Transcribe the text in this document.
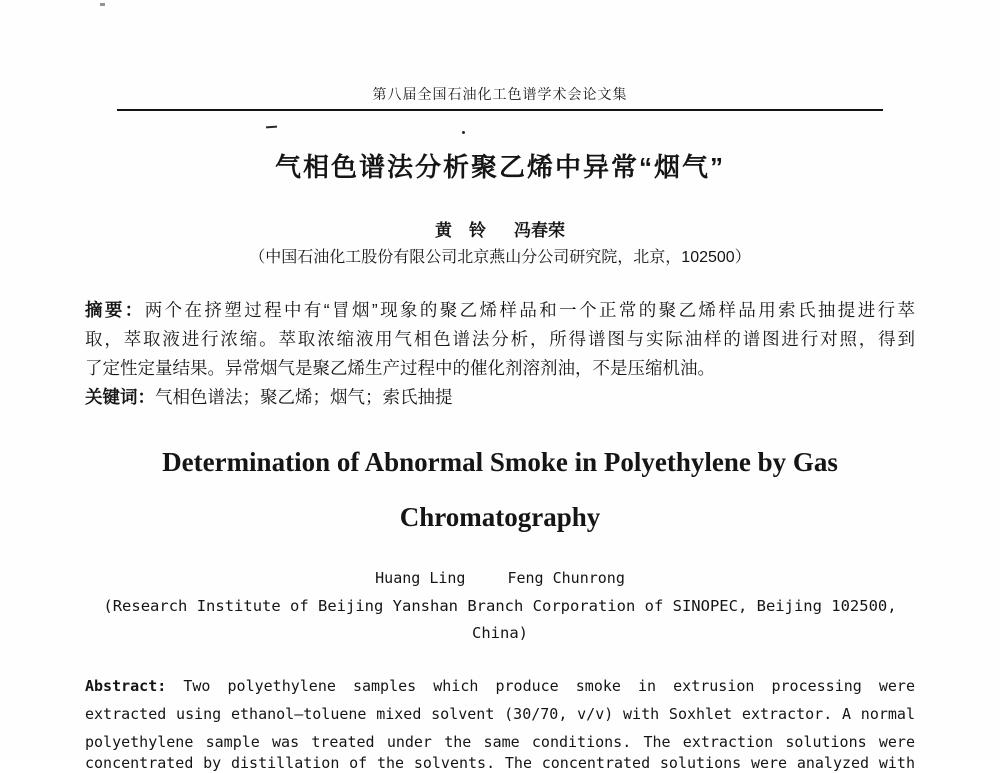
第八届全国石油化工色谱学术会论文集
气相色谱法分析聚乙烯中异常“烟气”
黄　铃 冯春荣
（中国石油化工股份有限公司北京燕山分公司研究院，北京，102500）
摘要：两个在挤塑过程中有“冒烟”现象的聚乙烯样品和一个正常的聚乙烯样品用索氏抽提进行萃
取，萃取液进行浓缩。萃取浓缩液用气相色谱法分析，所得谱图与实际油样的谱图进行对照，得到
了定性定量结果。异常烟气是聚乙烯生产过程中的催化剂溶剂油，不是压缩机油。
关键词：气相色谱法；聚乙烯；烟气；索氏抽提
Determination of Abnormal Smoke in Polyethylene by Gas
Chromatography
Huang Ling	Feng Chunrong
(Research Institute of Beijing Yanshan Branch Corporation of SINOPEC, Beijing 102500,
China)
Abstract: Two polyethylene samples which produce smoke in extrusion processing were
extracted using ethanol—toluene mixed solvent (30/70, v/v) with Soxhlet extractor. A normal
polyethylene sample was treated under the same conditions. The extraction solutions were
concentrated by distillation of the solvents. The concentrated solutions were analyzed with
